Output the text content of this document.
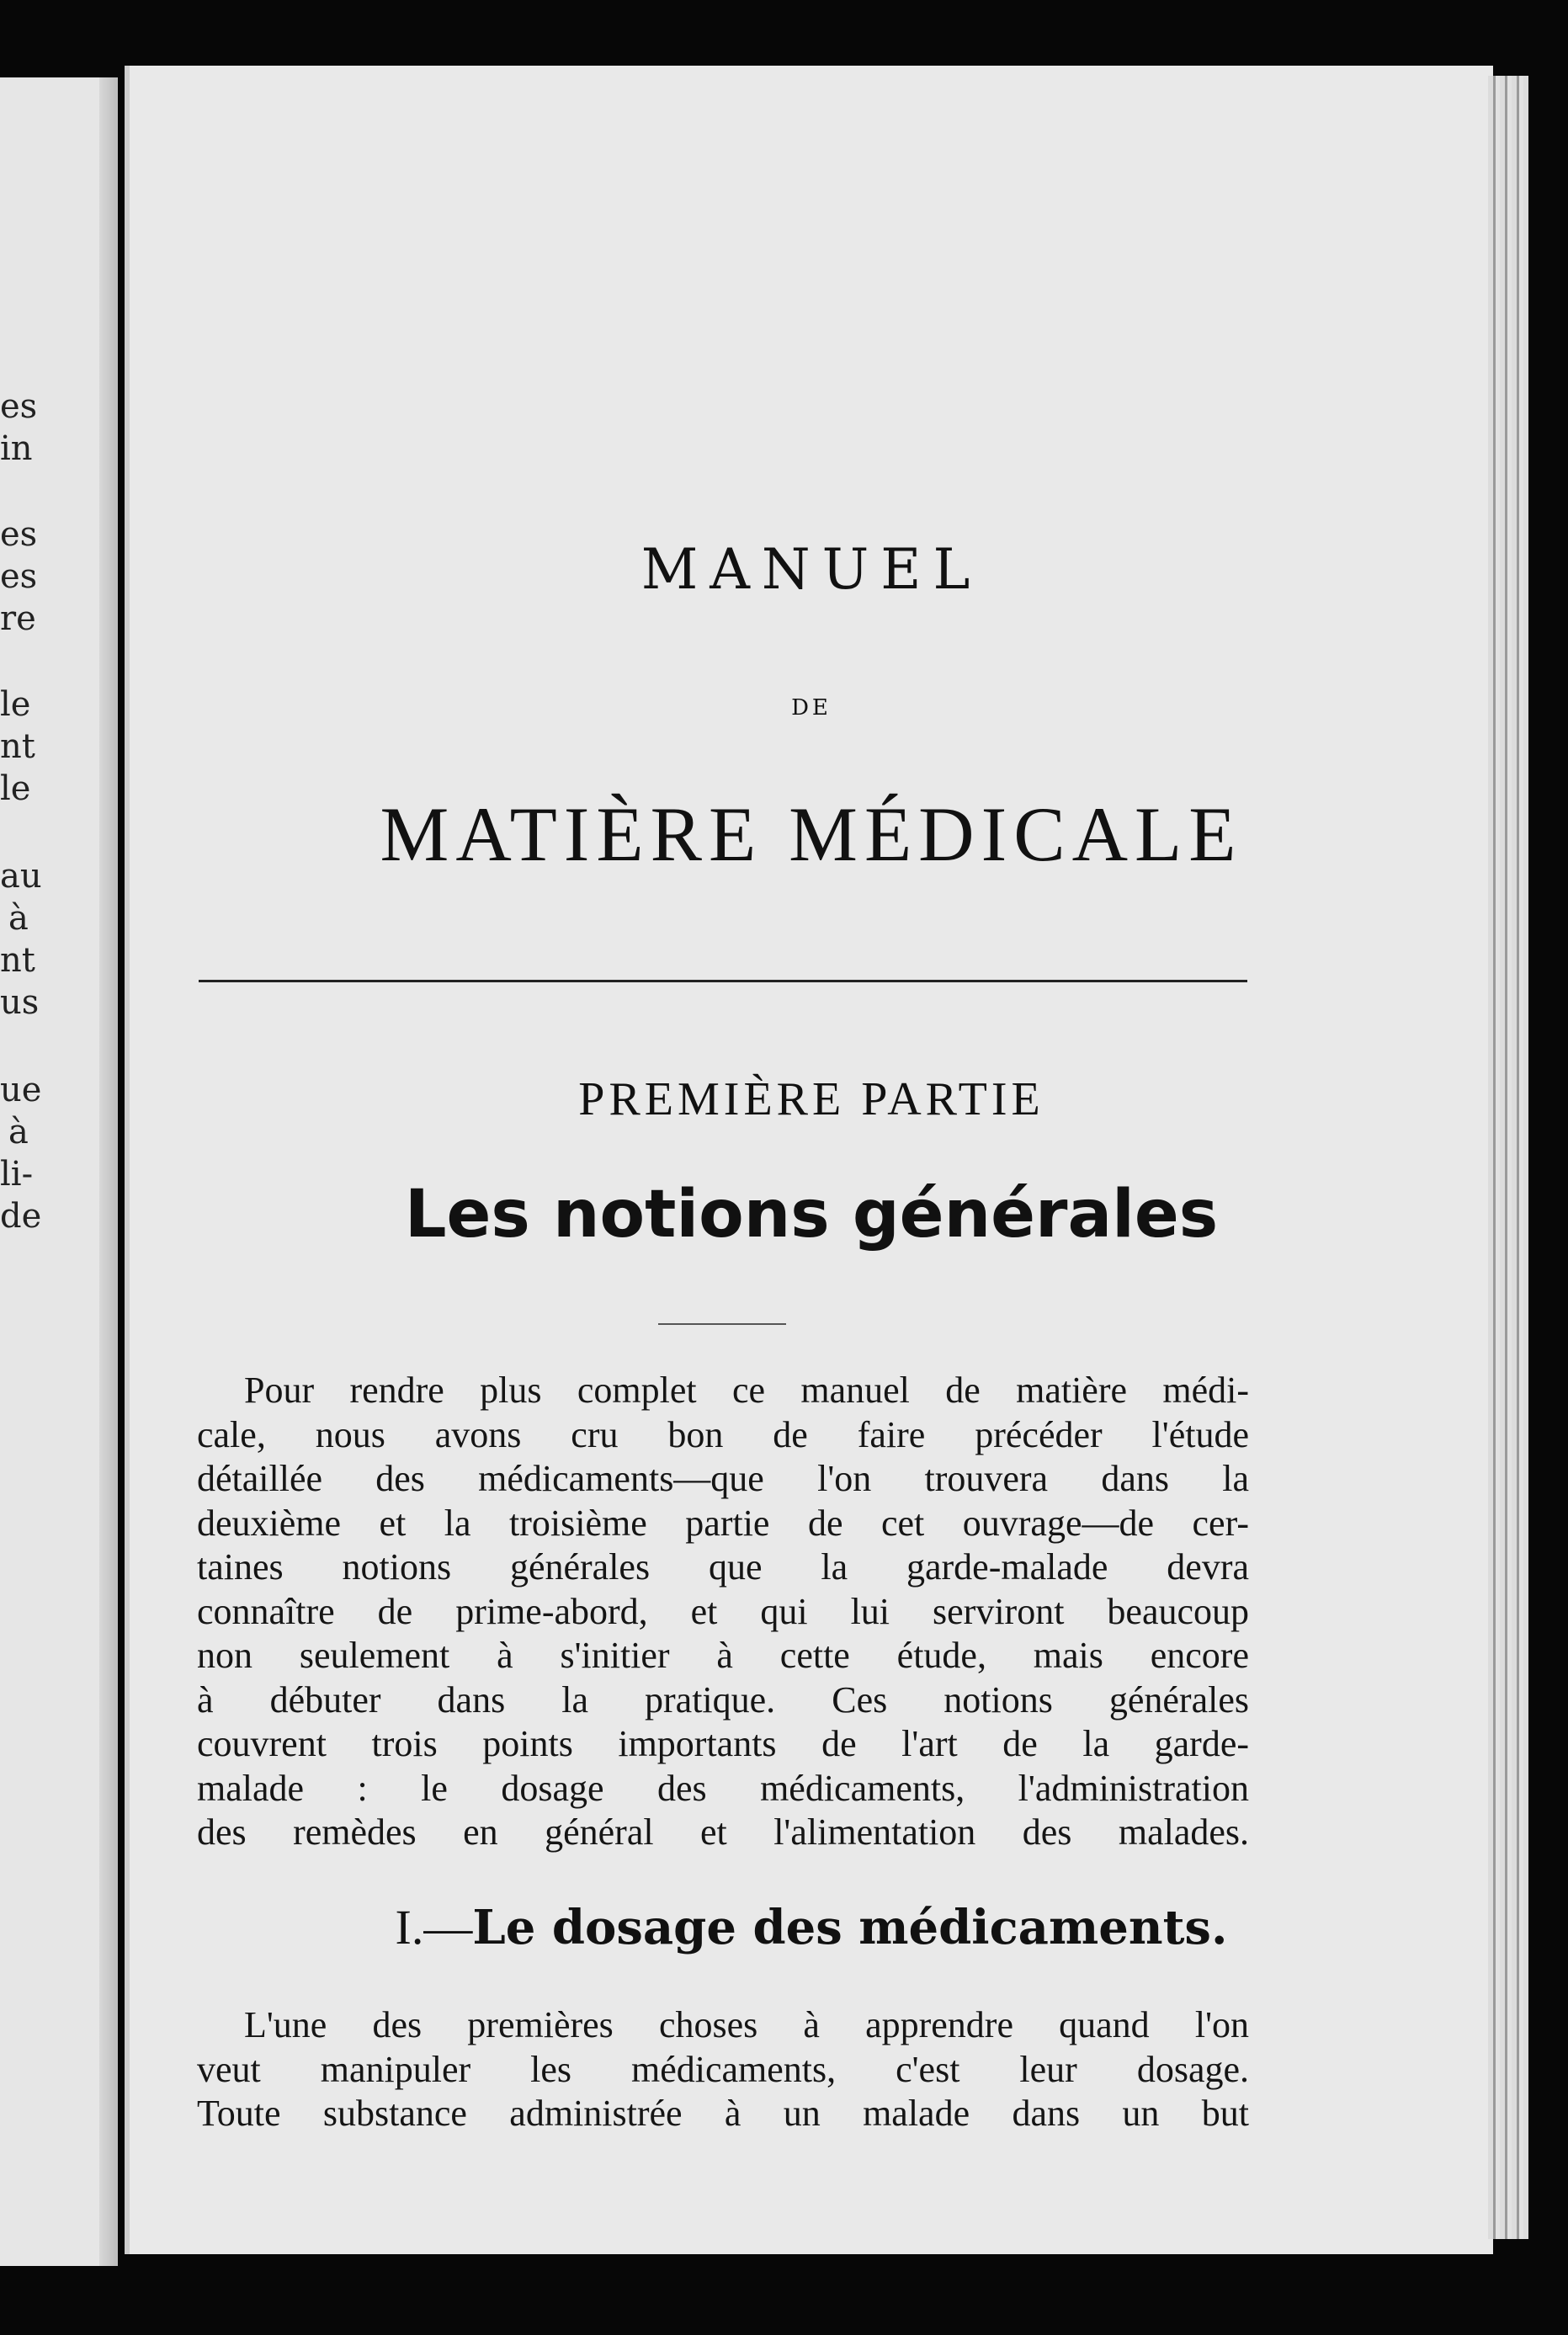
es
in
es
es
re
le
nt
le
au
à
nt
us
ue
à
li-
de
MANUEL

DE

MATIÈRE MÉDICALE
PREMIÈRE PARTIE
Les notions générales

Pour rendre plus complet ce manuel de matière médi-
cale, nous avons cru bon de faire précéder l'étude
détaillée des médicaments—que l'on trouvera dans la
deuxième et la troisième partie de cet ouvrage—de cer-
taines notions générales que la garde-malade devra
connaître de prime-abord, et qui lui serviront beaucoup
non seulement à s'initier à cette étude, mais encore
à débuter dans la pratique. Ces notions générales
couvrent trois points importants de l'art de la garde-
malade : le dosage des médicaments, l'administration
des remèdes en général et l'alimentation des malades.

I.—Le dosage des médicaments.

L'une des premières choses à apprendre quand l'on
veut manipuler les médicaments, c'est leur dosage.
Toute substance administrée à un malade dans un but
